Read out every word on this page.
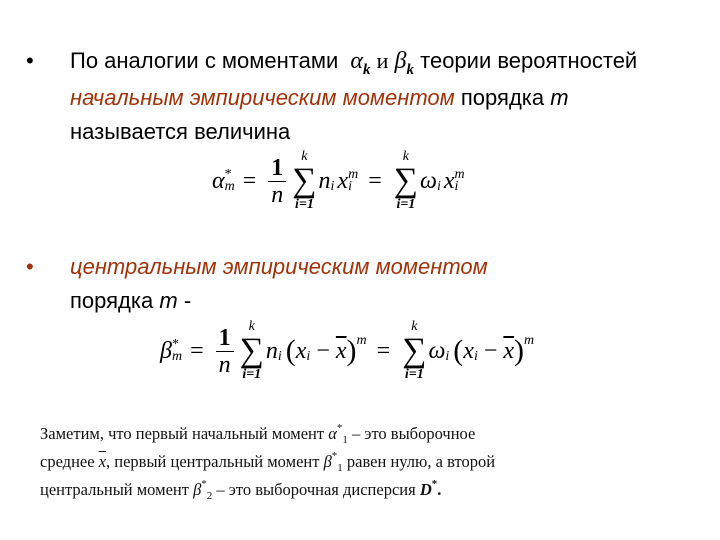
• По аналогии с моментами $\alpha_k$ и $\beta_k$ теории вероятностей начальным эмпирическим моментом порядка m называется величина
α *
$m = \frac{1}{n}$ k
∑
i=1
n i x m
i =
k
∑
i=1
ω i x m
i
• центральным эмпирическим моментом
порядка m -
β *
$m = \frac{1}{n}$ k
∑
i=1
n i ( x $i - \overline{x}$ ) m =
k
∑
i=1
ω i ( x $i - \overline{x}$ ) m
Заметим, что первый начальный момент $\alpha^*_1$ – это выборочное
среднее $\overline{x}$, первый центральный момент $\beta^*_1$ равен нулю, а второй
центральный момент $\beta^*_2$ – это выборочная дисперсия D*.
